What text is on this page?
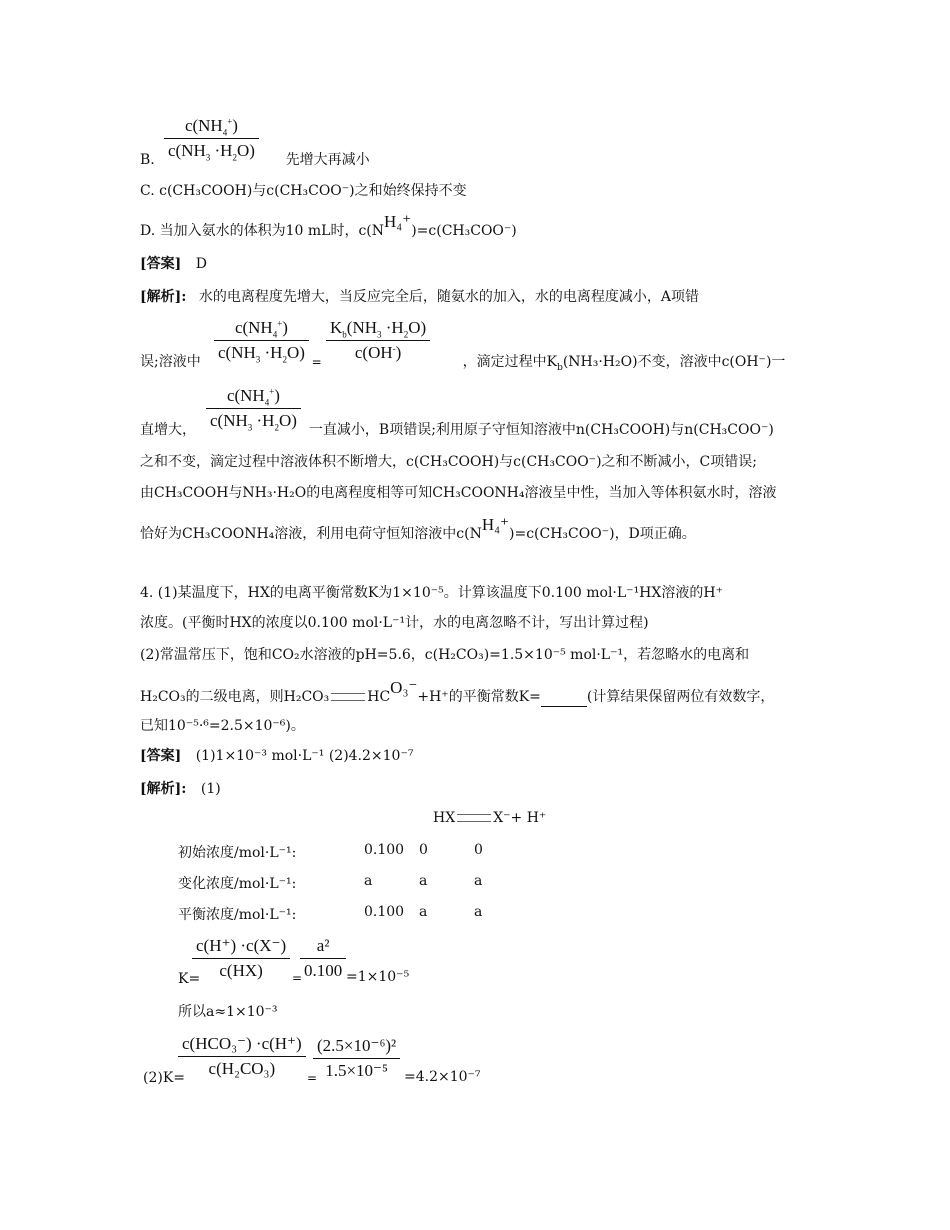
$\frac{c(NH_4^+)}{c(NH_3 \cdot H_2O)}$
B.	先增大再减小
C. c(CH₃COOH)与c(CH₃COO⁻)之和始终保持不变
D. 当加入氨水的体积为10 mL时，c(NH₄⁺)=c(CH₃COO⁻)
[答案] D
[解析]: 水的电离程度先增大，当反应完全后，随氨水的加入，水的电离程度减小，A项错
$\frac{c(NH_4^+)}{c(NH_3 \cdot H_2O)} \frac{K_b(NH_3 \cdot H_2O)}{c(OH^-)}$
误;溶液中	=	，滴定过程中$K_b(NH_3\cdot H_2O)$不变，溶液中c(OH⁻)一
$\frac{c(NH_4^+)}{c(NH_3 \cdot H_2O)}$
直增大，	一直减小，B项错误;利用原子守恒知溶液中n(CH₃COOH)与n(CH₃COO⁻)
之和不变，滴定过程中溶液体积不断增大，c(CH₃COOH)与c(CH₃COO⁻)之和不断减小，C项错误;
由CH₃COOH与NH₃·H₂O的电离程度相等可知CH₃COONH₄溶液呈中性，当加入等体积氨水时，溶液
恰好为CH₃COONH₄溶液，利用电荷守恒知溶液中c(NH₄⁺)=c(CH₃COO⁻)，D项正确。
4. (1)某温度下，HX的电离平衡常数K为1×10⁻⁵。计算该温度下0.100 mol·L⁻¹HX溶液的H⁺
浓度。(平衡时HX的浓度以0.100 mol·L⁻¹计，水的电离忽略不计，写出计算过程)
(2)常温常压下，饱和CO₂水溶液的pH=5.6，c(H₂CO₃)=1.5×10⁻⁵ mol·L⁻¹，若忽略水的电离和
H₂CO₃的二级电离，则H₂CO₃	HCO₃⁻+H⁺的平衡常数K=	(计算结果保留两位有效数字，
已知10⁻⁵·⁶=2.5×10⁻⁶)。
[答案] (1)1×10⁻³ mol·L⁻¹ (2)4.2×10⁻⁷
[解析]: (1)
HX	X⁻+ H⁺
初始浓度/mol·L⁻¹:	0.100 0	0
变化浓度/mol·L⁻¹:	a	a	a
平衡浓度/mol·L⁻¹:	0.100 a	a
$\frac{c(H^+) \cdot c(X^-)}{c(HX)} \frac{\text{a²}}{0.100}$
K=	=	=1×10⁻⁵
所以a≈1×10⁻³
c(HCO₃⁻) ·c(H⁺)
c(H₂CO₃)	$\frac{\text{(2.5×10⁻⁶)²}}{\text{1.5×10⁻⁵}}$
(2)K=	=	=4.2×10⁻⁷
